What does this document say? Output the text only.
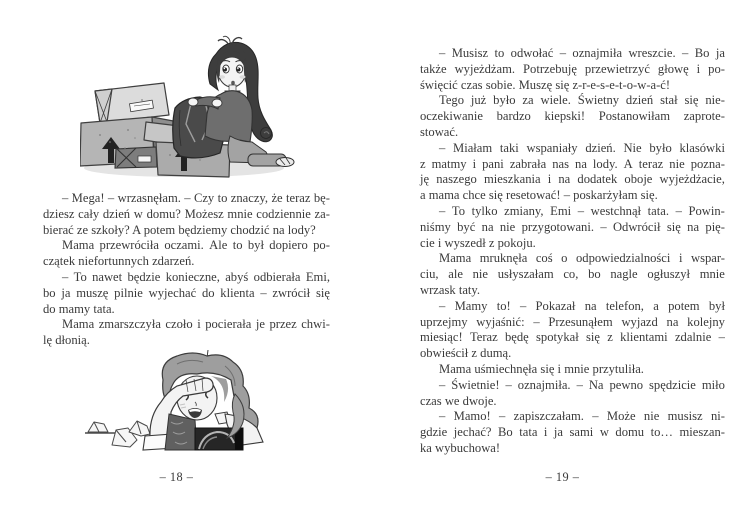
– Mega! – wrzasnęłam. – Czy to znaczy, że teraz bę-
dziesz cały dzień w domu? Możesz mnie codziennie za-
bierać ze szkoły? A potem będziemy chodzić na lody?
Mama przewróciła oczami. Ale to był dopiero po-
czątek niefortunnych zdarzeń.
– To nawet będzie konieczne, abyś odbierała Emi,
bo ja muszę pilnie wyjechać do klienta – zwrócił się
do mamy tata.
Mama zmarszczyła czoło i pocierała je przez chwi-
lę dłonią.
– 18 –
– Musisz to odwołać – oznajmiła wreszcie. – Bo ja
także wyjeżdżam. Potrzebuję przewietrzyć głowę i po-
święcić czas sobie. Muszę się z-r-e-s-e-t-o-w-a-ć!
Tego już było za wiele. Świetny dzień stał się nie-
oczekiwanie bardzo kiepski! Postanowiłam zaprote-
stować.
– Miałam taki wspaniały dzień. Nie było klasówki
z matmy i pani zabrała nas na lody. A teraz nie pozna-
ję naszego mieszkania i na dodatek oboje wyjeżdżacie,
a mama chce się resetować! – poskarżyłam się.
– To tylko zmiany, Emi – westchnął tata. – Powin-
niśmy być na nie przygotowani. – Odwrócił się na pię-
cie i wyszedł z pokoju.
Mama mruknęła coś o odpowiedzialności i wspar-
ciu, ale nie usłyszałam co, bo nagle ogłuszył mnie
wrzask taty.
– Mamy to! – Pokazał na telefon, a potem był
uprzejmy wyjaśnić: – Przesunąłem wyjazd na kolejny
miesiąc! Teraz będę spotykał się z klientami zdalnie –
obwieścił z dumą.
Mama uśmiechnęła się i mnie przytuliła.
– Świetnie! – oznajmiła. – Na pewno spędzicie miło
czas we dwoje.
– Mamo! – zapiszczałam. – Może nie musisz ni-
gdzie jechać? Bo tata i ja sami w domu to… mieszan-
ka wybuchowa!
– 19 –
